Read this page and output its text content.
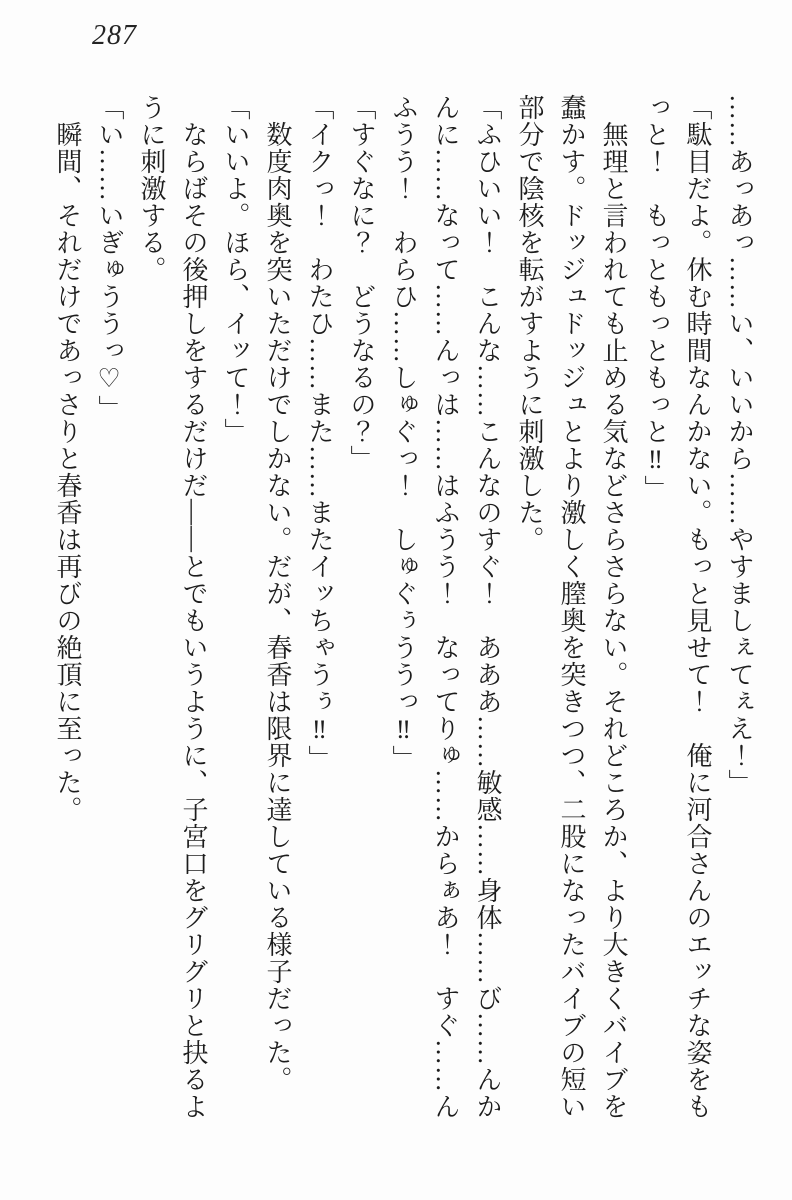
287
……あっあっ……い、いいから……やすましぇてぇえ！」
「駄目だよ。休む時間なんかない。もっと見せて！　俺に河合さんのエッチな姿をも
っと！　もっともっともっと‼」
　無理と言われても止める気などさらさらない。それどころか、より大きくバイブを
蠢かす。ドッジュドッジュとより激しく膣奥を突きつつ、二股になったバイブの短い
部分で陰核を転がすように刺激した。
「ふひいい！　こんな……こんなのすぐ！　あああ……敏感……身体……び……んか
んに……なって……んっは……はふうう！　なってりゅ……からぁあ！　すぐ……ん
ふうう！　わらひ……しゅぐっ！　しゅぐぅううっ‼」
「すぐなに？　どうなるの？」
「イクっ！　わたひ……また……またイッちゃうぅ‼」
　数度肉奥を突いただけでしかない。だが、春香は限界に達している様子だった。
「いいよ。ほら、イッて！」
　ならばその後押しをするだけだ――とでもいうように、子宮口をグリグリと抉るよ
うに刺激する。
「い……いぎゅううっ♡」
　瞬間、それだけであっさりと春香は再びの絶頂に至った。
